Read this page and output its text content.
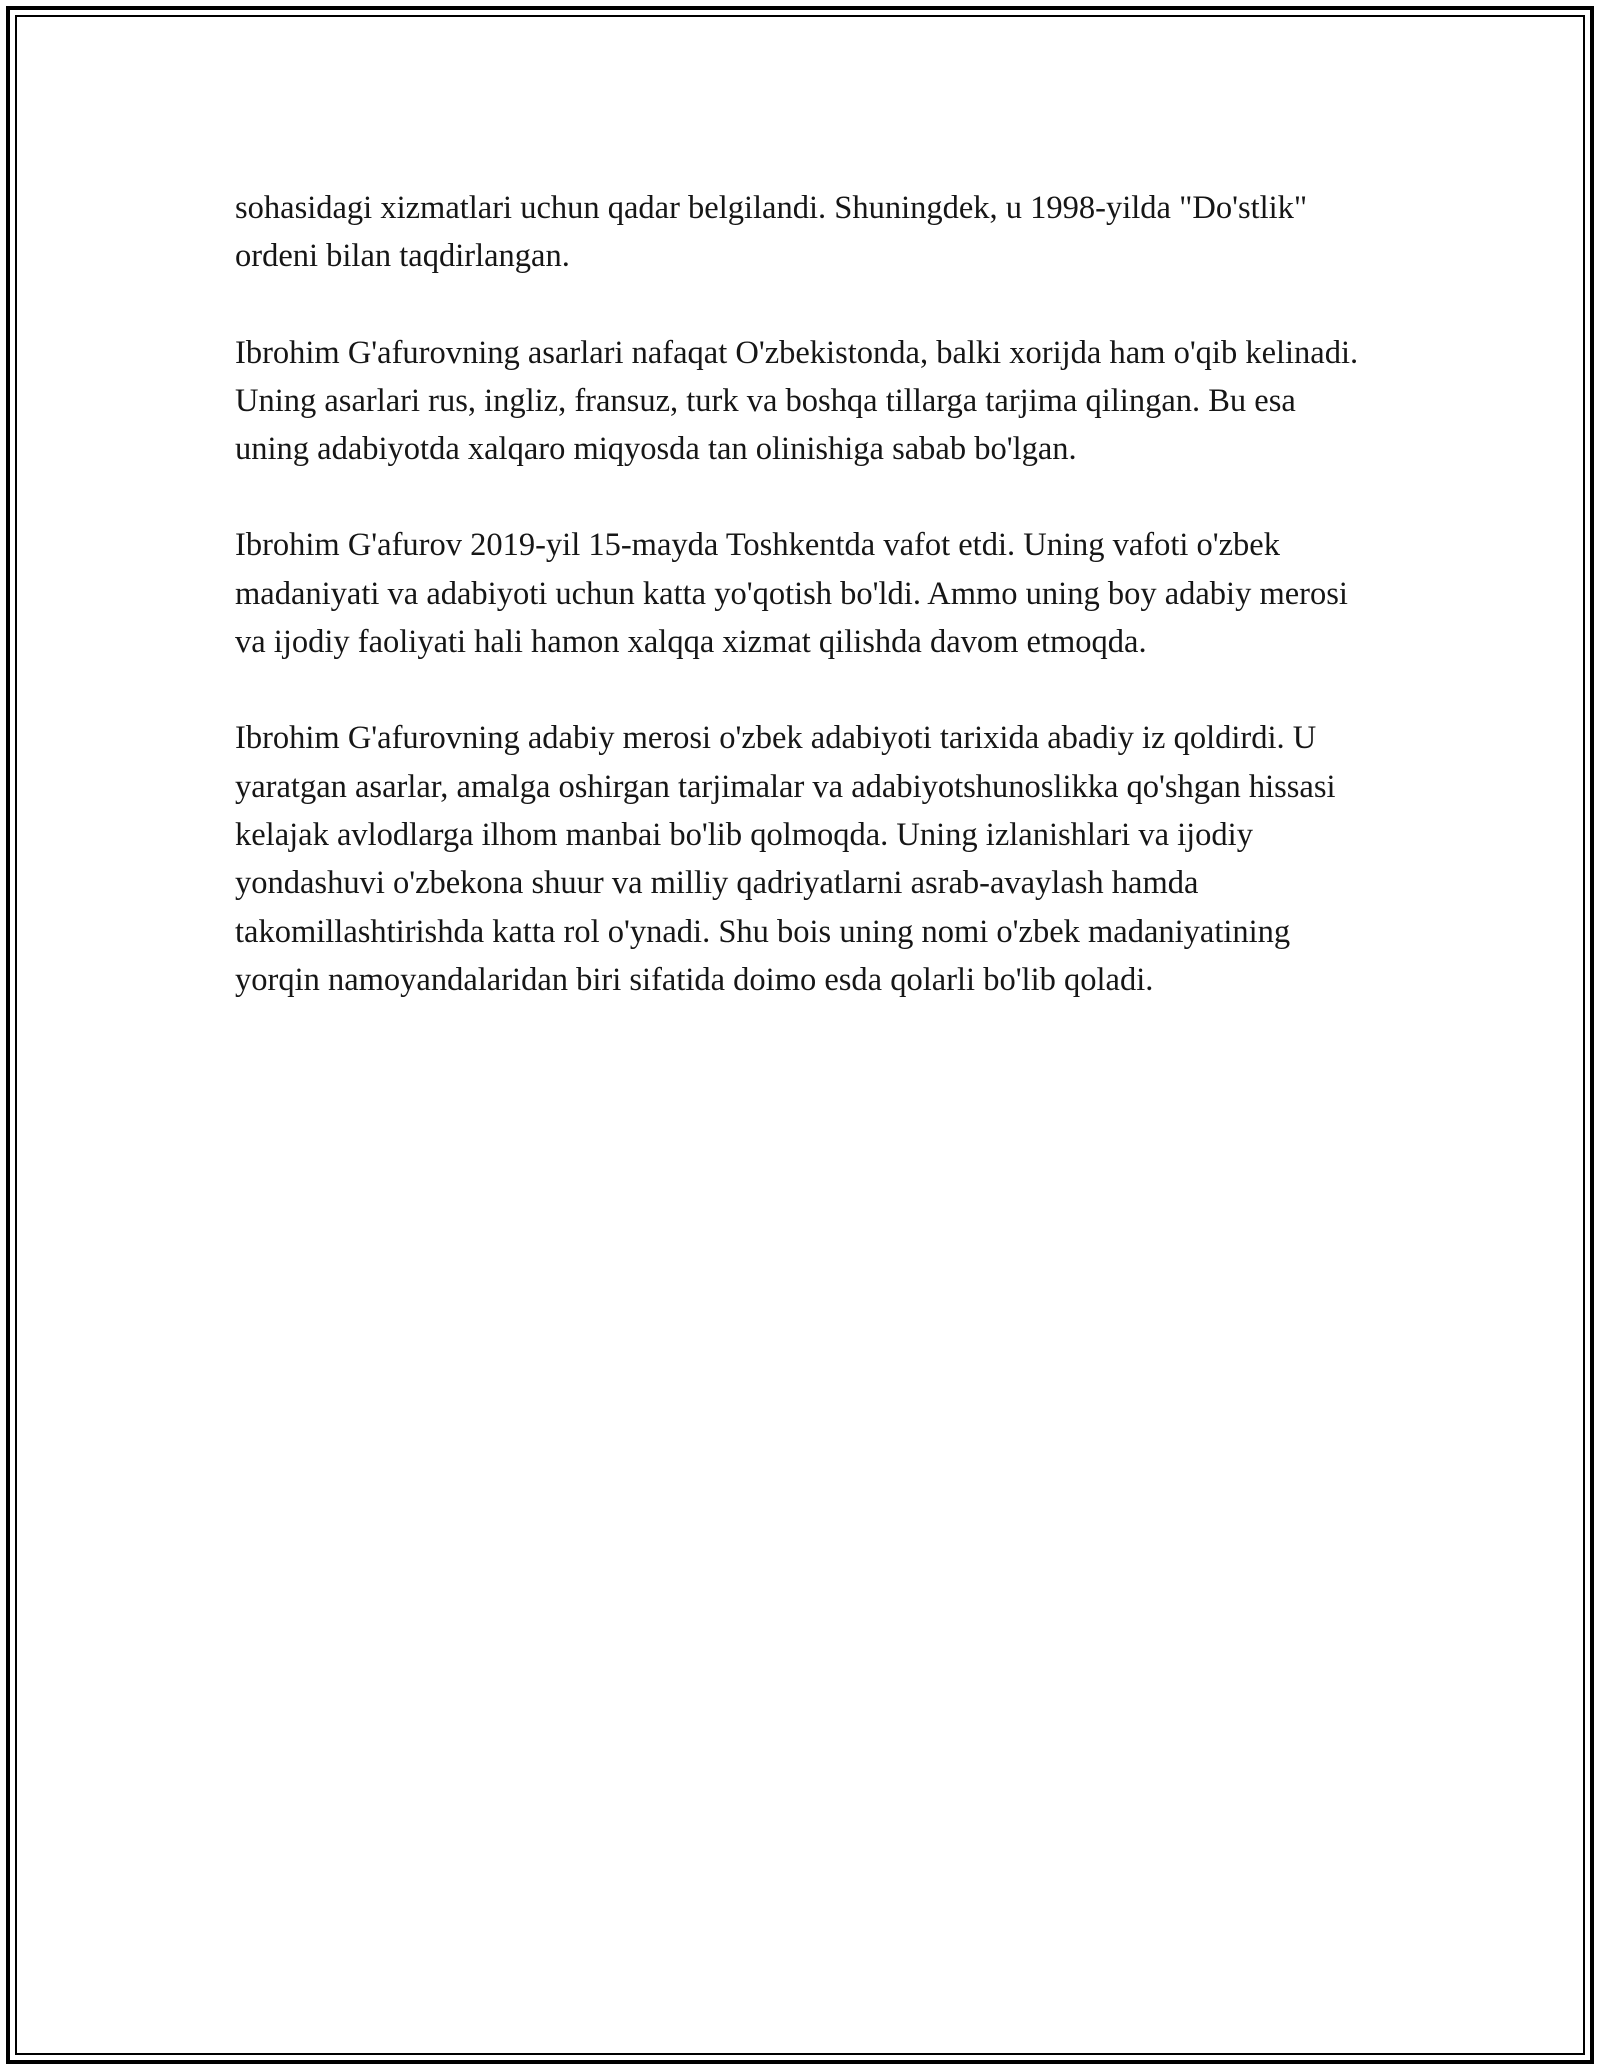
sohasidagi xizmatlari uchun qadar belgilandi. Shuningdek, u 1998-yilda "Do'stlik" ordeni bilan taqdirlangan.

Ibrohim G'afurovning asarlari nafaqat O'zbekistonda, balki xorijda ham o'qib kelinadi. Uning asarlari rus, ingliz, fransuz, turk va boshqa tillarga tarjima qilingan. Bu esa uning adabiyotda xalqaro miqyosda tan olinishiga sabab bo'lgan.

Ibrohim G'afurov 2019-yil 15-mayda Toshkentda vafot etdi. Uning vafoti o'zbek madaniyati va adabiyoti uchun katta yo'qotish bo'ldi. Ammo uning boy adabiy merosi va ijodiy faoliyati hali hamon xalqqa xizmat qilishda davom etmoqda.

Ibrohim G'afurovning adabiy merosi o'zbek adabiyoti tarixida abadiy iz qoldirdi. U yaratgan asarlar, amalga oshirgan tarjimalar va adabiyotshunoslikka qo'shgan hissasi kelajak avlodlarga ilhom manbai bo'lib qolmoqda. Uning izlanishlari va ijodiy yondashuvi o'zbekona shuur va milliy qadriyatlarni asrab-avaylash hamda takomillashtirishda katta rol o'ynadi. Shu bois uning nomi o'zbek madaniyatining yorqin namoyandalaridan biri sifatida doimo esda qolarli bo'lib qoladi.
